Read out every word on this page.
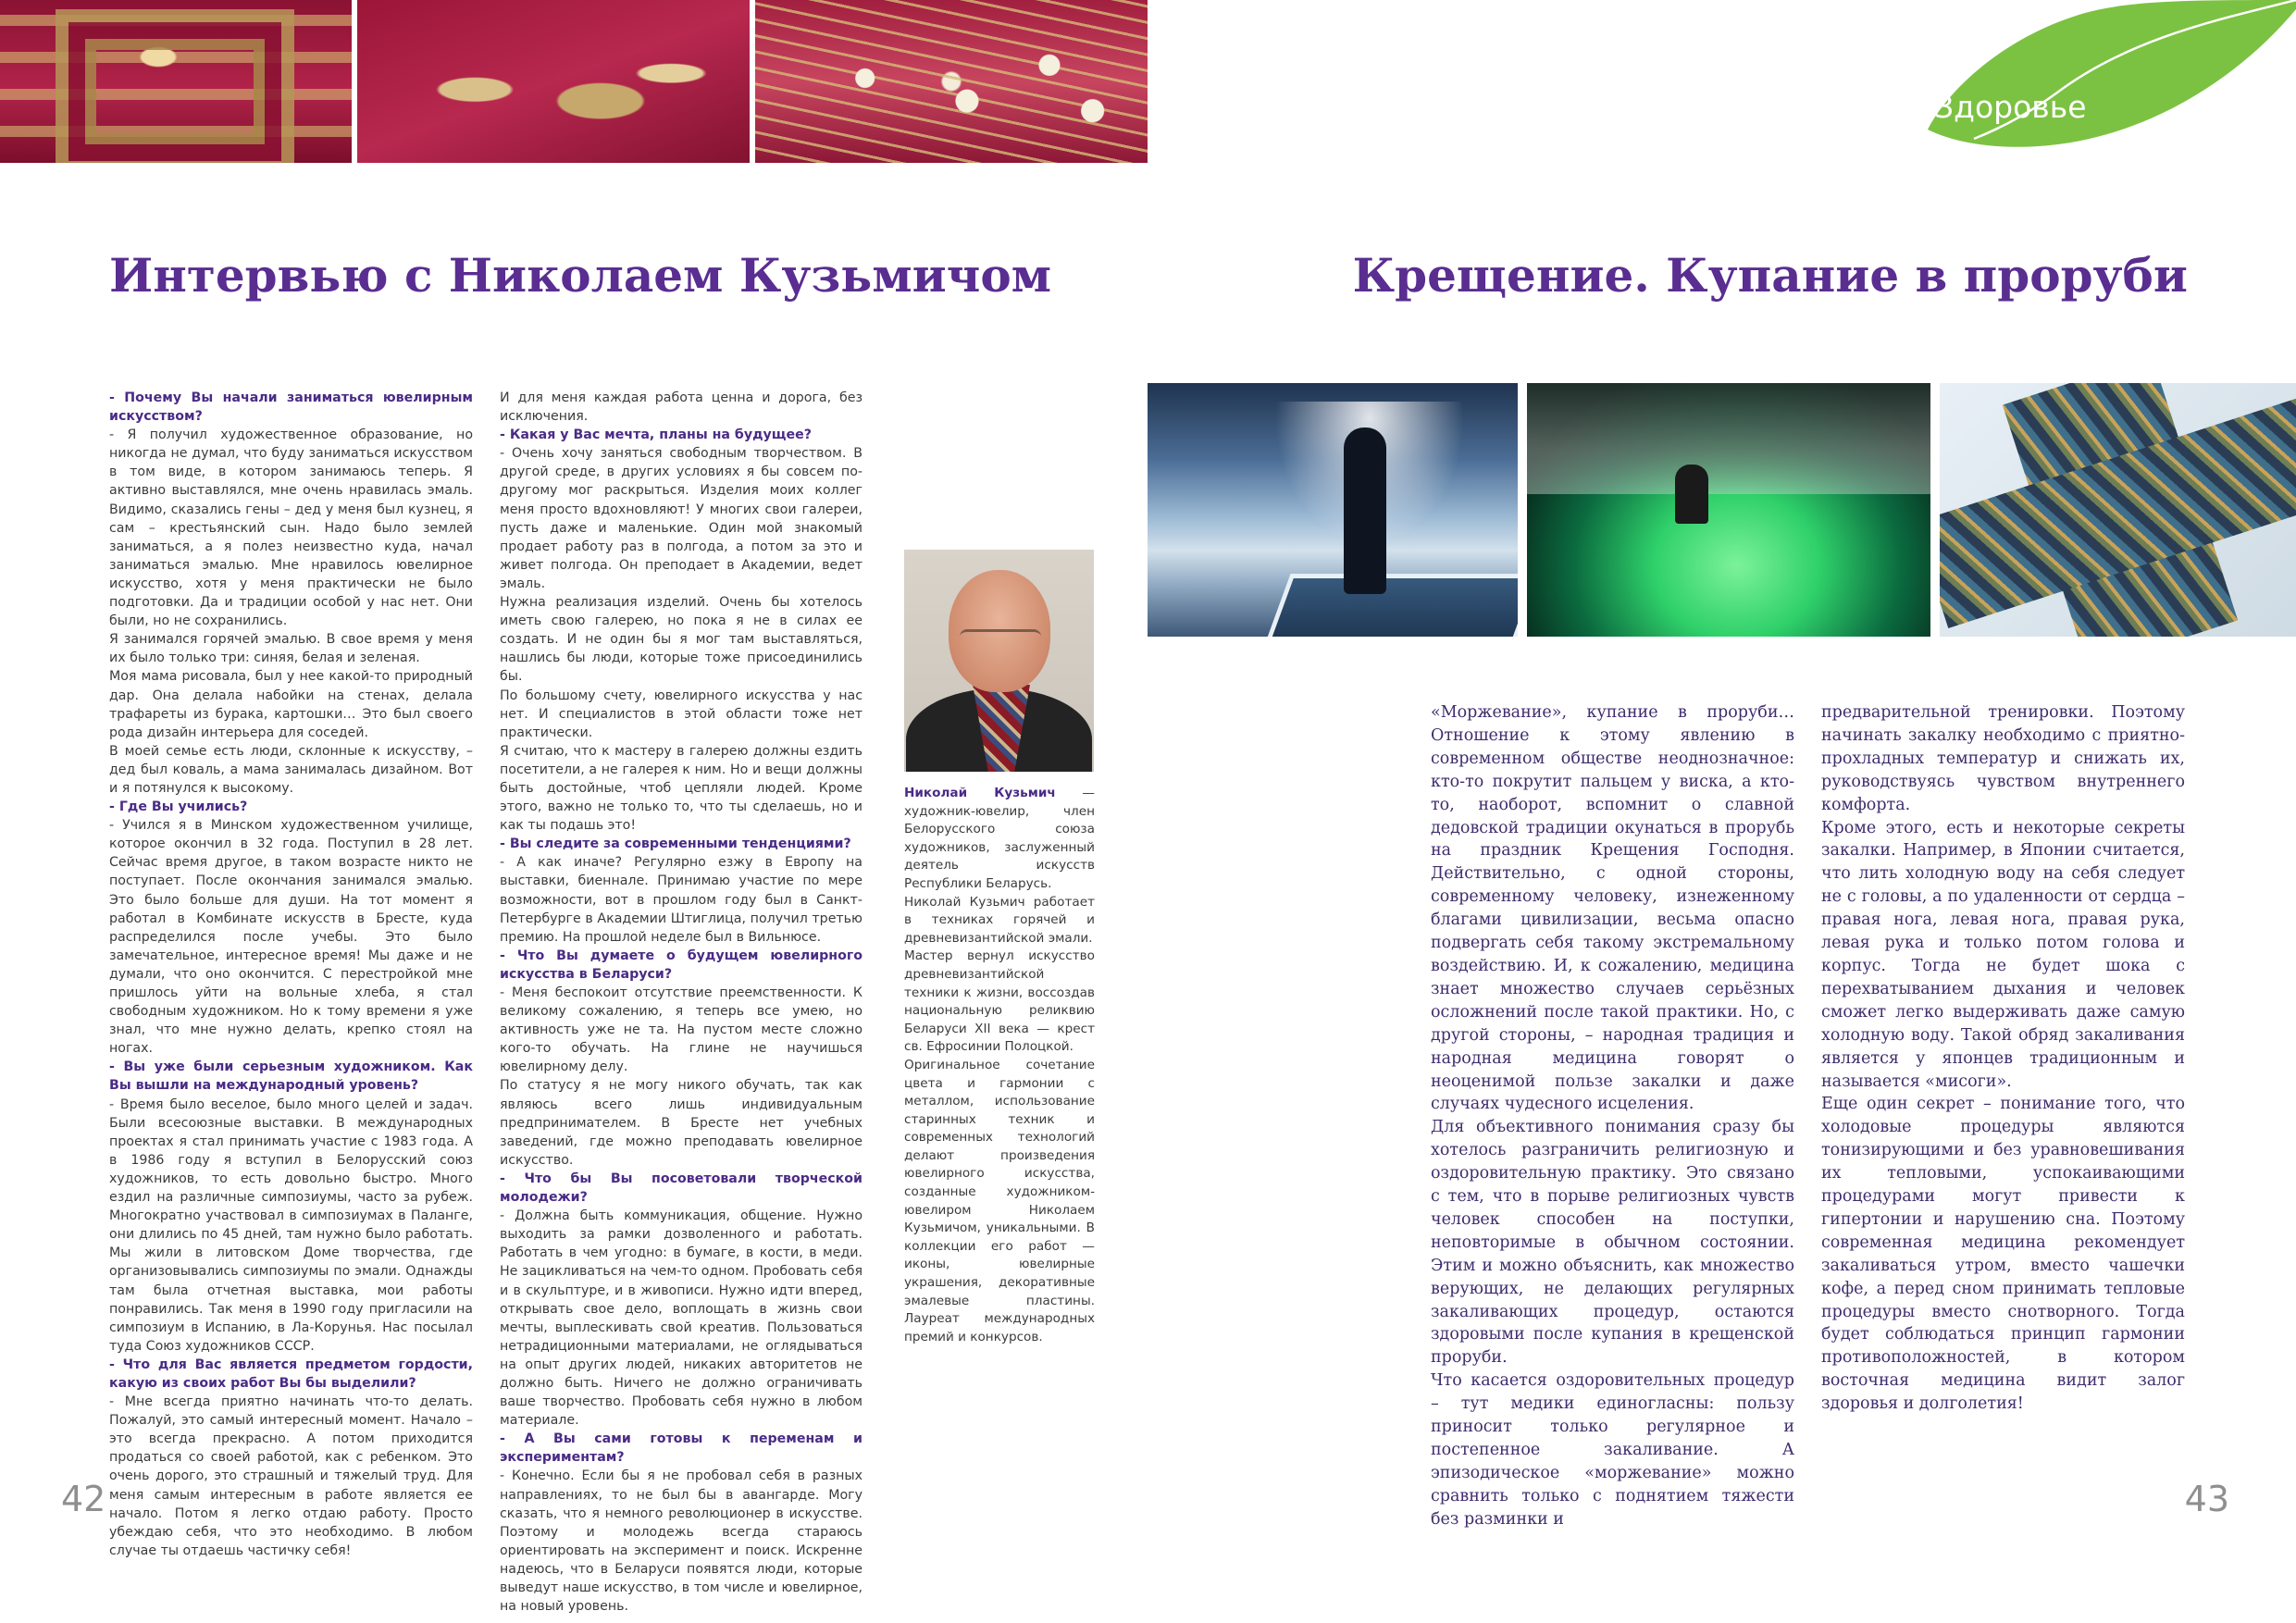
Интервью с Николаем Кузьмичом

- Почему Вы начали заниматься ювелирным искусством?

- Я получил художественное образование, но никогда не думал, что буду заниматься искусством в том виде, в котором занимаюсь теперь. Я активно выставлялся, мне очень нравилась эмаль. Видимо, сказались гены – дед у меня был кузнец, я сам – крестьянский сын. Надо было землей заниматься, а я полез неизвестно куда, начал заниматься эмалью. Мне нравилось ювелирное искусство, хотя у меня практически не было подготовки. Да и традиции особой у нас нет. Они были, но не сохранились.

Я занимался горячей эмалью. В свое время у меня их было только три: синяя, белая и зеленая.

Моя мама рисовала, был у нее какой-то природный дар. Она делала набойки на стенах, делала трафареты из бурака, картошки… Это был своего рода дизайн интерьера для соседей.

В моей семье есть люди, склонные к искусству, – дед был коваль, а мама занималась дизайном. Вот и я потянулся к высокому.

- Где Вы учились?

- Учился я в Минском художественном училище, которое окончил в 32 года. Поступил в 28 лет. Сейчас время другое, в таком возрасте никто не поступает. После окончания занимался эмалью. Это было больше для души. На тот момент я работал в Комбинате искусств в Бресте, куда распределился после учебы. Это было замечательное, интересное время! Мы даже и не думали, что оно окончится. С перестройкой мне пришлось уйти на вольные хлеба, я стал свободным художником. Но к тому времени я уже знал, что мне нужно делать, крепко стоял на ногах.

- Вы уже были серьезным художником. Как Вы вышли на международный уровень?

- Время было веселое, было много целей и задач. Были всесоюзные выставки. В международных проектах я стал принимать участие с 1983 года. А в 1986 году я вступил в Белорусский союз художников, то есть довольно быстро. Много ездил на различные симпозиумы, часто за рубеж. Многократно участвовал в симпозиумах в Паланге, они длились по 45 дней, там нужно было работать. Мы жили в литовском Доме творчества, где организовывались симпозиумы по эмали. Однажды там была отчетная выставка, мои работы понравились. Так меня в 1990 году пригласили на симпозиум в Испанию, в Ла-Корунья. Нас посылал туда Союз художников СССР.

- Что для Вас является предметом гордости, какую из своих работ Вы бы выделили?

- Мне всегда приятно начинать что-то делать. Пожалуй, это самый интересный момент. Начало – это всегда прекрасно. А потом приходится продаться со своей работой, как с ребенком. Это очень дорого, это страшный и тяжелый труд. Для меня самым интересным в работе является ее начало. Потом я легко отдаю работу. Просто убеждаю себя, что это необходимо. В любом случае ты отдаешь частичку себя!

И для меня каждая работа ценна и дорога, без исключения.

- Какая у Вас мечта, планы на будущее?

- Очень хочу заняться свободным творчеством. В другой среде, в других условиях я бы совсем по-другому мог раскрыться. Изделия моих коллег меня просто вдохновляют! У многих свои галереи, пусть даже и маленькие. Один мой знакомый продает работу раз в полгода, а потом за это и живет полгода. Он преподает в Академии, ведет эмаль.

Нужна реализация изделий. Очень бы хотелось иметь свою галерею, но пока я не в силах ее создать. И не один бы я мог там выставляться, нашлись бы люди, которые тоже присоединились бы.

По большому счету, ювелирного искусства у нас нет. И специалистов в этой области тоже нет практически.

Я считаю, что к мастеру в галерею должны ездить посетители, а не галерея к ним. Но и вещи должны быть достойные, чтоб цепляли людей. Кроме этого, важно не только то, что ты сделаешь, но и как ты подашь это!

- Вы следите за современными тенденциями?

- А как иначе? Регулярно езжу в Европу на выставки, биеннале. Принимаю участие по мере возможности, вот в прошлом году был в Санкт-Петербурге в Академии Штиглица, получил третью премию. На прошлой неделе был в Вильнюсе.

- Что Вы думаете о будущем ювелирного искусства в Беларуси?

- Меня беспокоит отсутствие преемственности. К великому сожалению, я теперь все умею, но активность уже не та. На пустом месте сложно кого-то обучать. На глине не научишься ювелирному делу.

По статусу я не могу никого обучать, так как являюсь всего лишь индивидуальным предпринимателем. В Бресте нет учебных заведений, где можно преподавать ювелирное искусство.

- Что бы Вы посоветовали творческой молодежи?

- Должна быть коммуникация, общение. Нужно выходить за рамки дозволенного и работать. Работать в чем угодно: в бумаге, в кости, в меди. Не зацикливаться на чем-то одном. Пробовать себя и в скульптуре, и в живописи. Нужно идти вперед, открывать свое дело, воплощать в жизнь свои мечты, выплескивать свой креатив. Пользоваться нетрадиционными материалами, не оглядываться на опыт других людей, никаких авторитетов не должно быть. Ничего не должно ограничивать ваше творчество. Пробовать себя нужно в любом материале.

- А Вы сами готовы к переменам и экспериментам?

- Конечно. Если бы я не пробовал себя в разных направлениях, то не был бы в авангарде. Могу сказать, что я немного революционер в искусстве. Поэтому и молодежь всегда стараюсь ориентировать на эксперимент и поиск. Искренне надеюсь, что в Беларуси появятся люди, которые выведут наше искусство, в том числе и ювелирное, на новый уровень.

Николай Кузьмич — художник-ювелир, член Белорусского союза художников, заслуженный деятель искусств Республики Беларусь.

Николай Кузьмич работает в техниках горячей и древневизантийской эмали.

Мастер вернул искусство древневизантийской техники к жизни, воссоздав национальную реликвию Беларуси XII века — крест св. Ефросинии Полоцкой.

Оригинальное сочетание цвета и гармонии с металлом, использование старинных техник и современных технологий делают произведения ювелирного искусства, созданные художником-ювелиром Николаем Кузьмичом, уникальными. В коллекции его работ — иконы, ювелирные украшения, декоративные эмалевые пластины. Лауреат международных премий и конкурсов.

42
Здоровье
Крещение. Купание в проруби

«Моржевание», купание в проруби… Отношение к этому явлению в современном обществе неоднозначное: кто-то покрутит пальцем у виска, а кто-то, наоборот, вспомнит о славной дедовской традиции окунаться в прорубь на праздник Крещения Господня. Действительно, с одной стороны, современному человеку, изнеженному благами цивилизации, весьма опасно подвергать себя такому экстремальному воздействию. И, к сожалению, медицина знает множество случаев серьёзных осложнений после такой практики. Но, с другой стороны, – народная традиция и народная медицина говорят о неоценимой пользе закалки и даже случаях чудесного исцеления.

Для объективного понимания сразу бы хотелось разграничить религиозную и оздоровительную практику. Это связано с тем, что в порыве религиозных чувств человек способен на поступки, неповторимые в обычном состоянии. Этим и можно объяснить, как множество верующих, не делающих регулярных закаливающих процедур, остаются здоровыми после купания в крещенской проруби.

Что касается оздоровительных процедур – тут медики единогласны: пользу приносит только регулярное и постепенное закаливание. А эпизодическое «моржевание» можно сравнить только с поднятием тяжести без разминки и

предварительной тренировки. Поэтому начинать закалку необходимо с приятно-прохладных температур и снижать их, руководствуясь чувством внутреннего комфорта.

Кроме этого, есть и некоторые секреты закалки. Например, в Японии считается, что лить холодную воду на себя следует не с головы, а по удаленности от сердца – правая нога, левая нога, правая рука, левая рука и только потом голова и корпус. Тогда не будет шока с перехватыванием дыхания и человек сможет легко выдерживать даже самую холодную воду. Такой обряд закаливания является у японцев традиционным и называется «мисоги».

Еще один секрет – понимание того, что холодовые процедуры являются тонизирующими и без уравновешивания их тепловыми, успокаивающими процедурами могут привести к гипертонии и нарушению сна. Поэтому современная медицина рекомендует закаливаться утром, вместо чашечки кофе, а перед сном принимать тепловые процедуры вместо снотворного. Тогда будет соблюдаться принцип гармонии противоположностей, в котором восточная медицина видит залог здоровья и долголетия!

43
